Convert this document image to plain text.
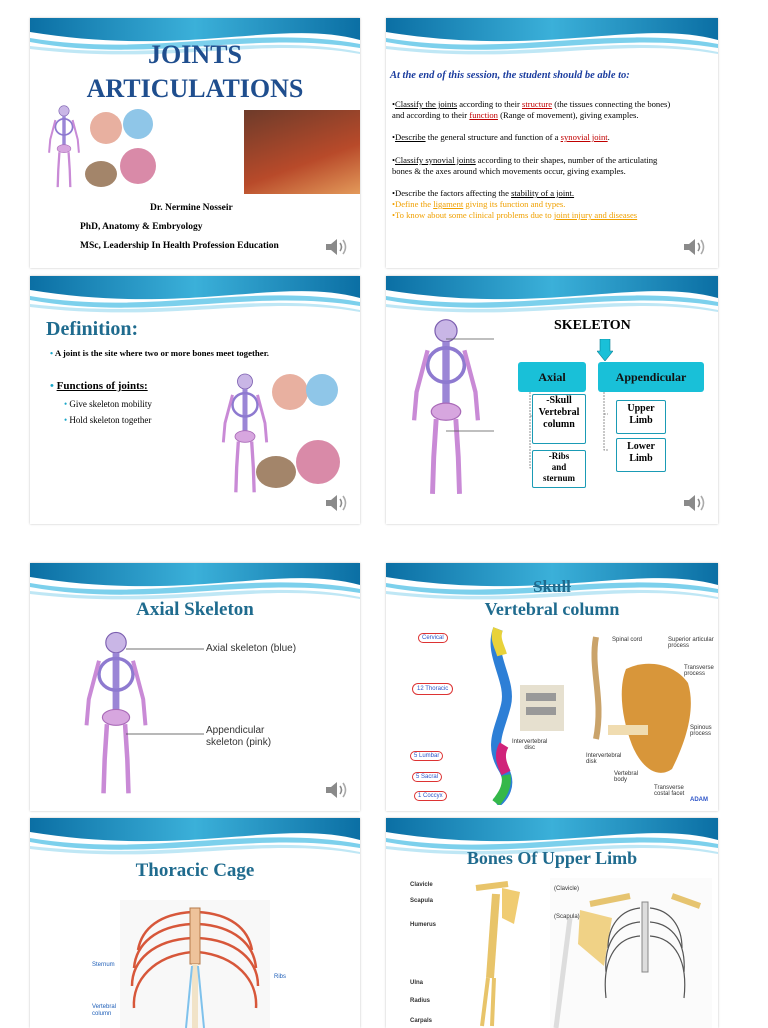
JOINTS
ARTICULATIONS
Dr. Nermine Nosseir
PhD, Anatomy & Embryology
MSc, Leadership In Health Profession Education
At the end of this session, the student should be able to:
•Classify the joints according to their structure (the tissues connecting the bones)
and according to their function (Range of movement), giving examples.
•Describe the general structure and function of a synovial joint.
•Classify synovial joints according to their shapes, number of the articulating
bones & the axes around which movements occur, giving examples.
•Describe the factors affecting the stability of a joint.
•Define the ligament giving its function and types.
•To know about some clinical problems due to joint injury and diseases
Definition:
• A joint is the site where two or more bones meet together.
• Functions of joints:
• Give skeleton mobility
• Hold skeleton together
SKELETON
Axial	Appendicular
-Skull
Vertebral
column
-Ribs
and
sternum
Upper
Limb
Lower
Limb
Axial Skeleton
Axial skeleton (blue)
Appendicular
skeleton (pink)
Skull
Vertebral column
Cervical
12 Thoracic
5 Lumbar
5 Sacral
1 Coccyx
Intervertebral
disc
Spinal cord	Superior articular
process
Transverse
process
Spinous
process
Intervertebral
disk
Vertebral
body
Transverse
costal facet
ADAM
Thoracic Cage
Sternum
Ribs
Vertebral
column
Bones Of Upper Limb
Clavicle
Scapula
Humerus
Ulna
Radius
Carpals
(Clavicle)
(Scapula)
